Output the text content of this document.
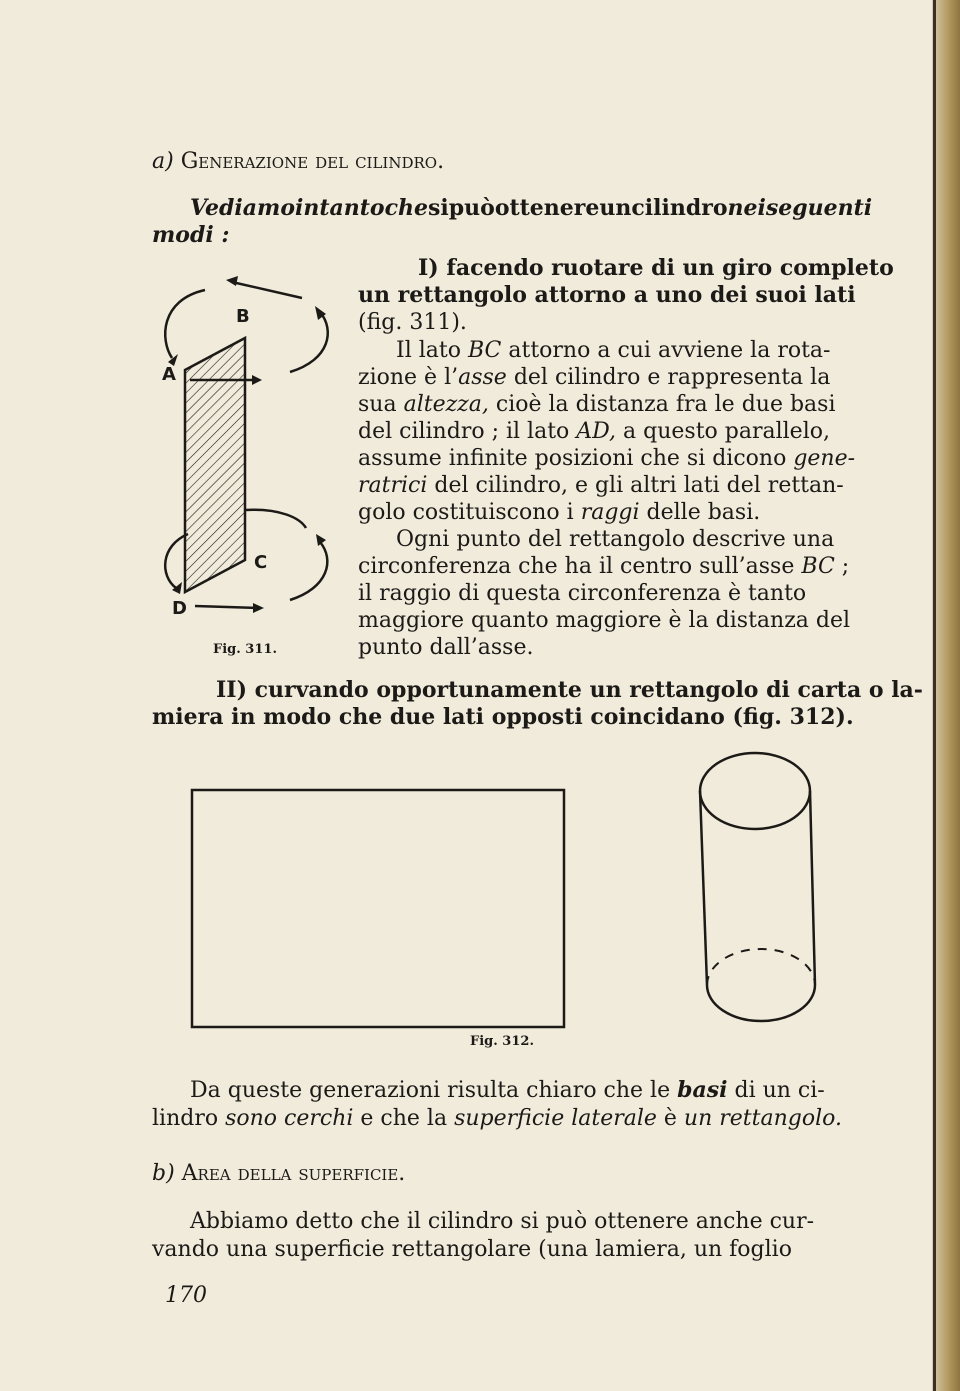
a) Generazione del cilindro.
Vediamo intanto che si può ottenere un cilindro nei seguenti
modi :
I) facendo ruotare di un giro completo
un rettangolo attorno a uno dei suoi lati
(fig. 311).
Il lato BC attorno a cui avviene la rota-
zione è l’asse del cilindro e rappresenta la
sua altezza, cioè la distanza fra le due basi
del cilindro ; il lato AD, a questo parallelo,
assume infinite posizioni che si dicono gene-
ratrici del cilindro, e gli altri lati del rettan-
golo costituiscono i raggi delle basi.
Ogni punto del rettangolo descrive una
circonferenza che ha il centro sull’asse BC ;
il raggio di questa circonferenza è tanto
maggiore quanto maggiore è la distanza del
punto dall’asse.
B
A
C
D
Fig. 311.
II) curvando opportunamente un rettangolo di carta o la-
miera in modo che due lati opposti coincidano (fig. 312).
Fig. 312.
Da queste generazioni risulta chiaro che le basi di un ci-
lindro sono cerchi e che la superficie laterale è un rettangolo.
b) Area della superficie.
Abbiamo detto che il cilindro si può ottenere anche cur-
vando una superficie rettangolare (una lamiera, un foglio
170
